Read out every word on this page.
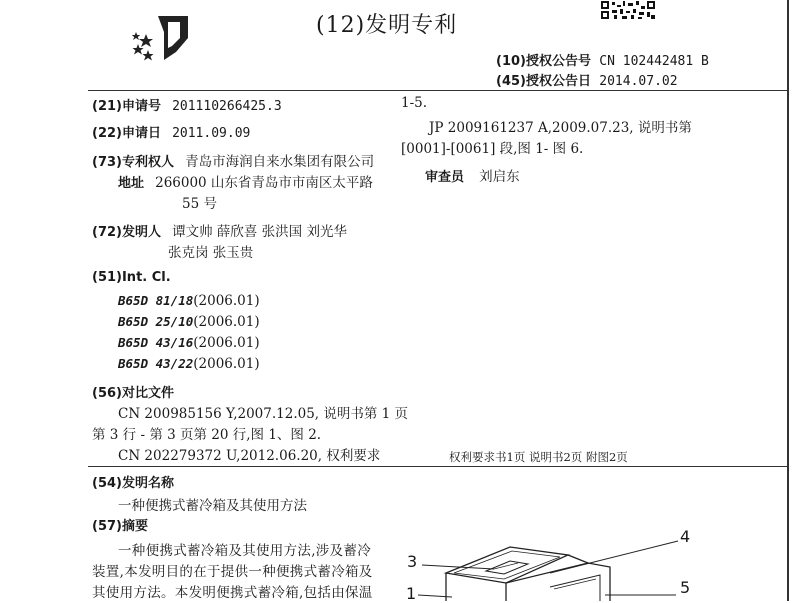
(12)发明专利
(10)授权公告号 CN 102442481 B
(45)授权公告日 2014.07.02
(21)申请号 201110266425.3
(22)申请日 2011.09.09
(73)专利权人 青岛市海润自来水集团有限公司
地址 266000 山东省青岛市市南区太平路
55 号
(72)发明人 谭文帅 薛欣喜 张洪国 刘光华
张克岗 张玉贵
(51)Int. Cl.
B65D 81/18(2006.01)
B65D 25/10(2006.01)
B65D 43/16(2006.01)
B65D 43/22(2006.01)
(56)对比文件
CN 200985156 Y,2007.12.05, 说明书第 1 页
第 3 行 - 第 3 页第 20 行,图 1、图 2.
CN 202279372 U,2012.06.20, 权利要求
1-5.
JP 2009161237 A,2009.07.23, 说明书第
[0001]-[0061] 段,图 1- 图 6.
审查员 刘启东
权利要求书1页 说明书2页 附图2页
(54)发明名称
一种便携式蓄冷箱及其使用方法
(57)摘要
一种便携式蓄冷箱及其使用方法,涉及蓄冷
装置,本发明目的在于提供一种便携式蓄冷箱及
其使用方法。本发明便携式蓄冷箱,包括由保温
3
4
1	5
